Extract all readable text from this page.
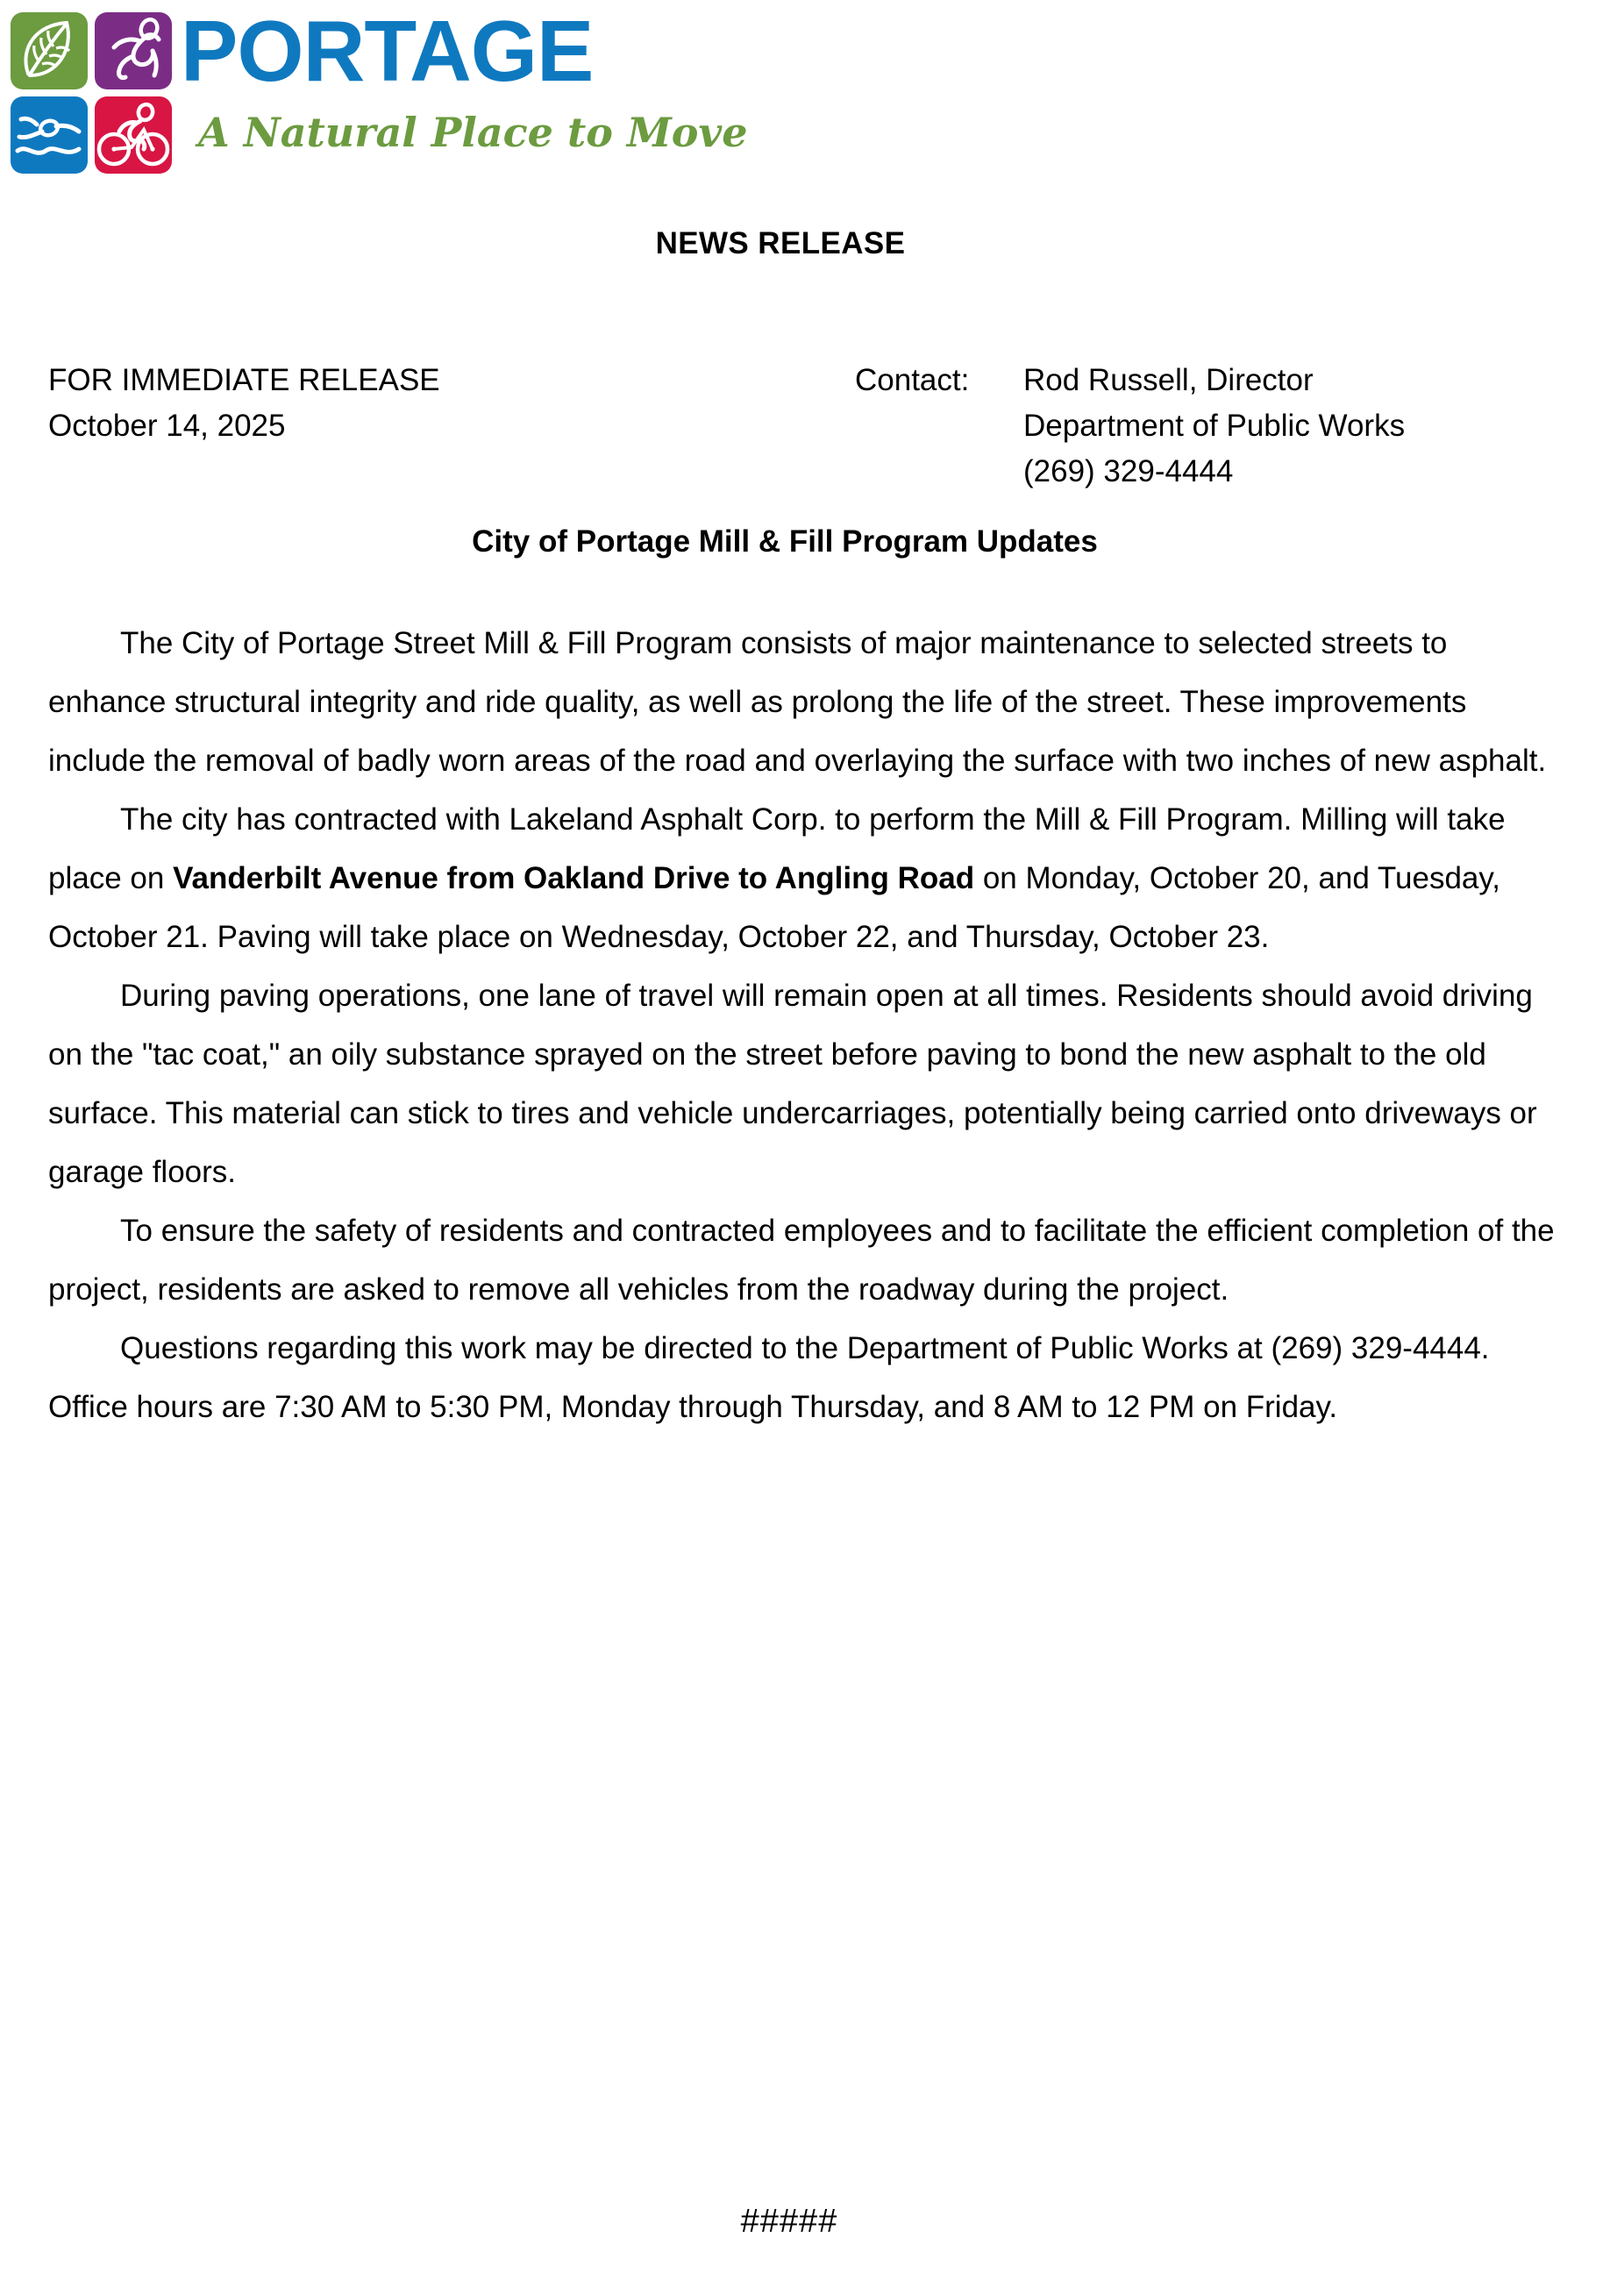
PORTAGE
A Natural Place to Move
NEWS RELEASE
FOR IMMEDIATE RELEASE
October 14, 2025
Contact: Rod Russell, Director
Department of Public Works
(269) 329-4444
City of Portage Mill & Fill Program Updates

The City of Portage Street Mill & Fill Program consists of major maintenance to selected streets to enhance structural integrity and ride quality, as well as prolong the life of the street. These improvements include the removal of badly worn areas of the road and overlaying the surface with two inches of new asphalt.

The city has contracted with Lakeland Asphalt Corp. to perform the Mill & Fill Program. Milling will take place on Vanderbilt Avenue from Oakland Drive to Angling Road on Monday, October 20, and Tuesday, October 21. Paving will take place on Wednesday, October 22, and Thursday, October 23.

During paving operations, one lane of travel will remain open at all times. Residents should avoid driving on the "tac coat," an oily substance sprayed on the street before paving to bond the new asphalt to the old surface. This material can stick to tires and vehicle undercarriages, potentially being carried onto driveways or garage floors.

To ensure the safety of residents and contracted employees and to facilitate the efficient completion of the project, residents are asked to remove all vehicles from the roadway during the project.

Questions regarding this work may be directed to the Department of Public Works at (269) 329-4444. Office hours are 7:30 AM to 5:30 PM, Monday through Thursday, and 8 AM to 12 PM on Friday.

#####
